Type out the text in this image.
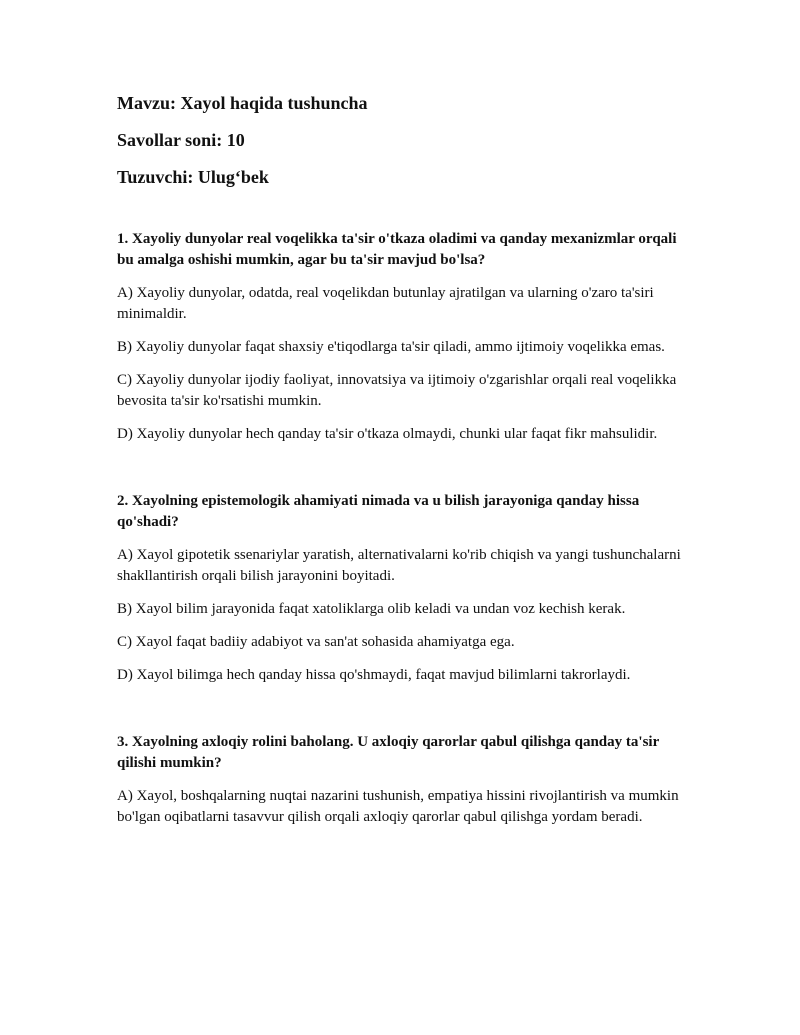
Mavzu: Xayol haqida tushuncha

Savollar soni: 10

Tuzuvchi: Ulug‘bek

1. Xayoliy dunyolar real voqelikka ta'sir o'tkaza oladimi va qanday mexanizmlar orqali bu amalga oshishi mumkin, agar bu ta'sir mavjud bo'lsa?

A) Xayoliy dunyolar, odatda, real voqelikdan butunlay ajratilgan va ularning o'zaro ta'siri minimaldir.

B) Xayoliy dunyolar faqat shaxsiy e'tiqodlarga ta'sir qiladi, ammo ijtimoiy voqelikka emas.

C) Xayoliy dunyolar ijodiy faoliyat, innovatsiya va ijtimoiy o'zgarishlar orqali real voqelikka bevosita ta'sir ko'rsatishi mumkin.

D) Xayoliy dunyolar hech qanday ta'sir o'tkaza olmaydi, chunki ular faqat fikr mahsulidir.

2. Xayolning epistemologik ahamiyati nimada va u bilish jarayoniga qanday hissa qo'shadi?

A) Xayol gipotetik ssenariylar yaratish, alternativalarni ko'rib chiqish va yangi tushunchalarni shakllantirish orqali bilish jarayonini boyitadi.

B) Xayol bilim jarayonida faqat xatoliklarga olib keladi va undan voz kechish kerak.

C) Xayol faqat badiiy adabiyot va san'at sohasida ahamiyatga ega.

D) Xayol bilimga hech qanday hissa qo'shmaydi, faqat mavjud bilimlarni takrorlaydi.

3. Xayolning axloqiy rolini baholang. U axloqiy qarorlar qabul qilishga qanday ta'sir qilishi mumkin?

A) Xayol, boshqalarning nuqtai nazarini tushunish, empatiya hissini rivojlantirish va mumkin bo'lgan oqibatlarni tasavvur qilish orqali axloqiy qarorlar qabul qilishga yordam beradi.
